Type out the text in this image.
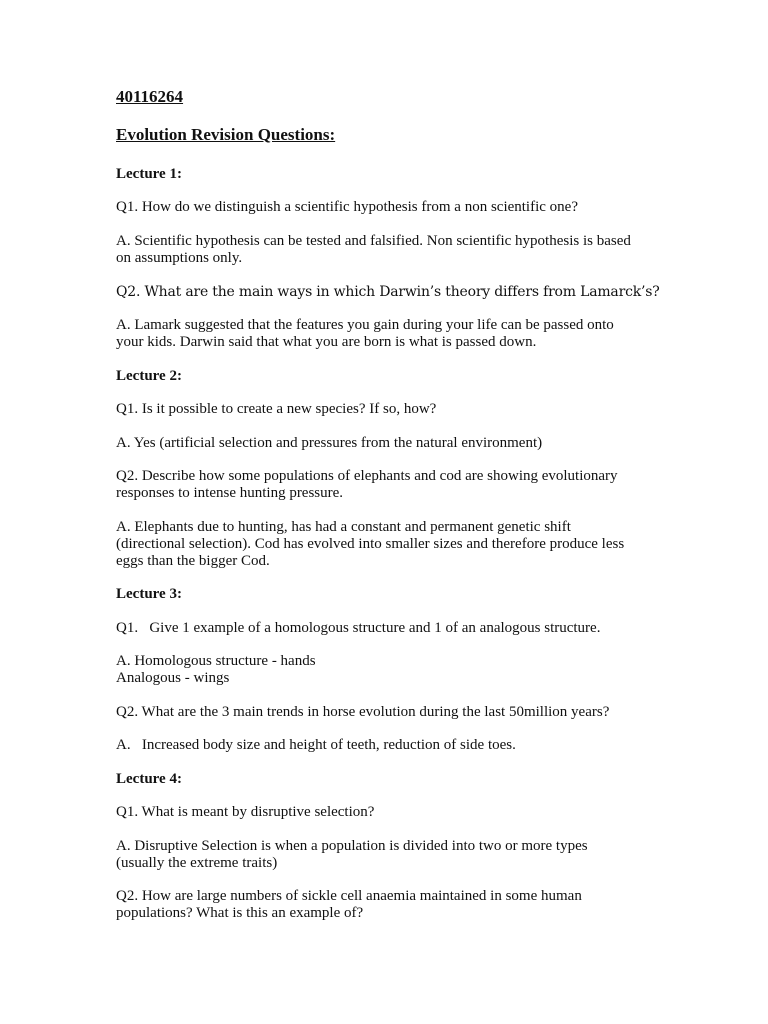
40116264
Evolution Revision Questions:
Lecture 1:
Q1. How do we distinguish a scientific hypothesis from a non scientific one?
A. Scientific hypothesis can be tested and falsified. Non scientific hypothesis is based
on assumptions only.
Q2. What are the main ways in which Darwin’s theory differs from Lamarck’s?
A. Lamark suggested that the features you gain during your life can be passed onto
your kids. Darwin said that what you are born is what is passed down.
Lecture 2:
Q1. Is it possible to create a new species? If so, how?
A. Yes (artificial selection and pressures from the natural environment)
Q2. Describe how some populations of elephants and cod are showing evolutionary
responses to intense hunting pressure.
A. Elephants due to hunting, has had a constant and permanent genetic shift
(directional selection). Cod has evolved into smaller sizes and therefore produce less
eggs than the bigger Cod.
Lecture 3:
Q1.   Give 1 example of a homologous structure and 1 of an analogous structure.
A. Homologous structure - hands
Analogous - wings
Q2. What are the 3 main trends in horse evolution during the last 50million years?
A.   Increased body size and height of teeth, reduction of side toes.
Lecture 4:
Q1. What is meant by disruptive selection?
A. Disruptive Selection is when a population is divided into two or more types
(usually the extreme traits)
Q2. How are large numbers of sickle cell anaemia maintained in some human
populations? What is this an example of?
